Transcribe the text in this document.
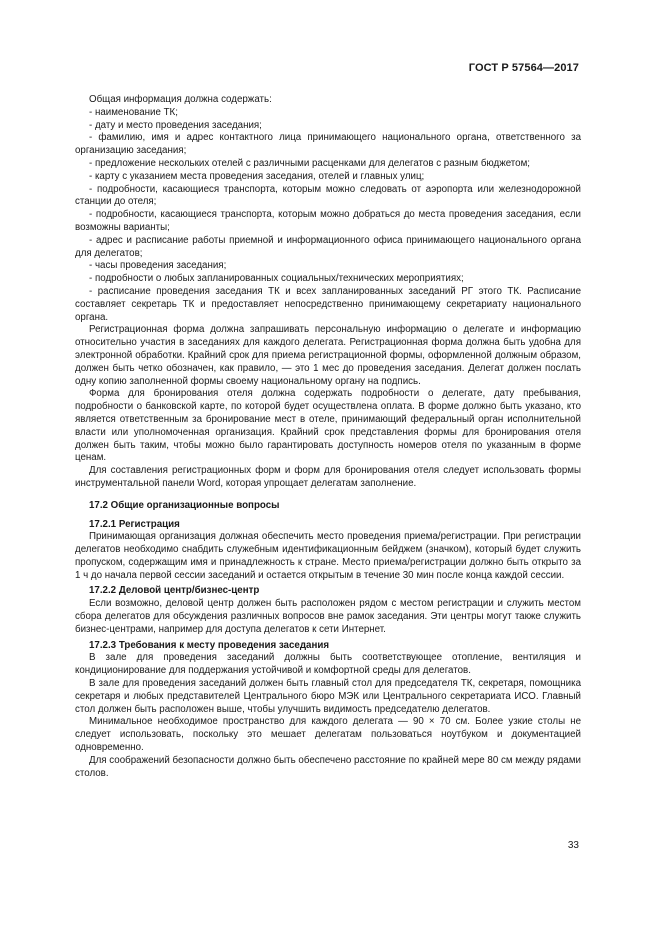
ГОСТ Р 57564—2017

Общая информация должна содержать:

- наименование ТК;

- дату и место проведения заседания;

- фамилию, имя и адрес контактного лица принимающего национального органа, ответственного за организацию заседания;

- предложение нескольких отелей с различными расценками для делегатов с разным бюджетом;

- карту с указанием места проведения заседания, отелей и главных улиц;

- подробности, касающиеся транспорта, которым можно следовать от аэропорта или железнодорожной станции до отеля;

- подробности, касающиеся транспорта, которым можно добраться до места проведения заседания, если возможны варианты;

- адрес и расписание работы приемной и информационного офиса принимающего национального органа для делегатов;

- часы проведения заседания;

- подробности о любых запланированных социальных/технических мероприятиях;

- расписание проведения заседания ТК и всех запланированных заседаний РГ этого ТК. Расписание составляет секретарь ТК и предоставляет непосредственно принимающему секретариату национального органа.

Регистрационная форма должна запрашивать персональную информацию о делегате и информацию относительно участия в заседаниях для каждого делегата. Регистрационная форма должна быть удобна для электронной обработки. Крайний срок для приема регистрационной формы, оформленной должным образом, должен быть четко обозначен, как правило, — это 1 мес до проведения заседания. Делегат должен послать одну копию заполненной формы своему национальному органу на подпись.

Форма для бронирования отеля должна содержать подробности о делегате, дату пребывания, подробности о банковской карте, по которой будет осуществлена оплата. В форме должно быть указано, кто является ответственным за бронирование мест в отеле, принимающий федеральный орган исполнительной власти или уполномоченная организация. Крайний срок представления формы для бронирования отеля должен быть таким, чтобы можно было гарантировать доступность номеров отеля по указанным в форме ценам.

Для составления регистрационных форм и форм для бронирования отеля следует использовать формы инструментальной панели Word, которая упрощает делегатам заполнение.

17.2 Общие организационные вопросы

17.2.1 Регистрация

Принимающая организация должная обеспечить место проведения приема/регистрации. При регистрации делегатов необходимо снабдить служебным идентификационным бейджем (значком), который будет служить пропуском, содержащим имя и принадлежность к стране. Место приема/регистрации должно быть открыто за 1 ч до начала первой сессии заседаний и остается открытым в течение 30 мин после конца каждой сессии.

17.2.2 Деловой центр/бизнес-центр

Если возможно, деловой центр должен быть расположен рядом с местом регистрации и служить местом сбора делегатов для обсуждения различных вопросов вне рамок заседания. Эти центры могут также служить бизнес-центрами, например для доступа делегатов к сети Интернет.

17.2.3 Требования к месту проведения заседания

В зале для проведения заседаний должны быть соответствующее отопление, вентиляция и кондиционирование для поддержания устойчивой и комфортной среды для делегатов.

В зале для проведения заседаний должен быть главный стол для председателя ТК, секретаря, помощника секретаря и любых представителей Центрального бюро МЭК или Центрального секретариата ИСО. Главный стол должен быть расположен выше, чтобы улучшить видимость председателю делегатов.

Минимальное необходимое пространство для каждого делегата — 90 × 70 см. Более узкие столы не следует использовать, поскольку это мешает делегатам пользоваться ноутбуком и документацией одновременно.

Для соображений безопасности должно быть обеспечено расстояние по крайней мере 80 см между рядами столов.

33
